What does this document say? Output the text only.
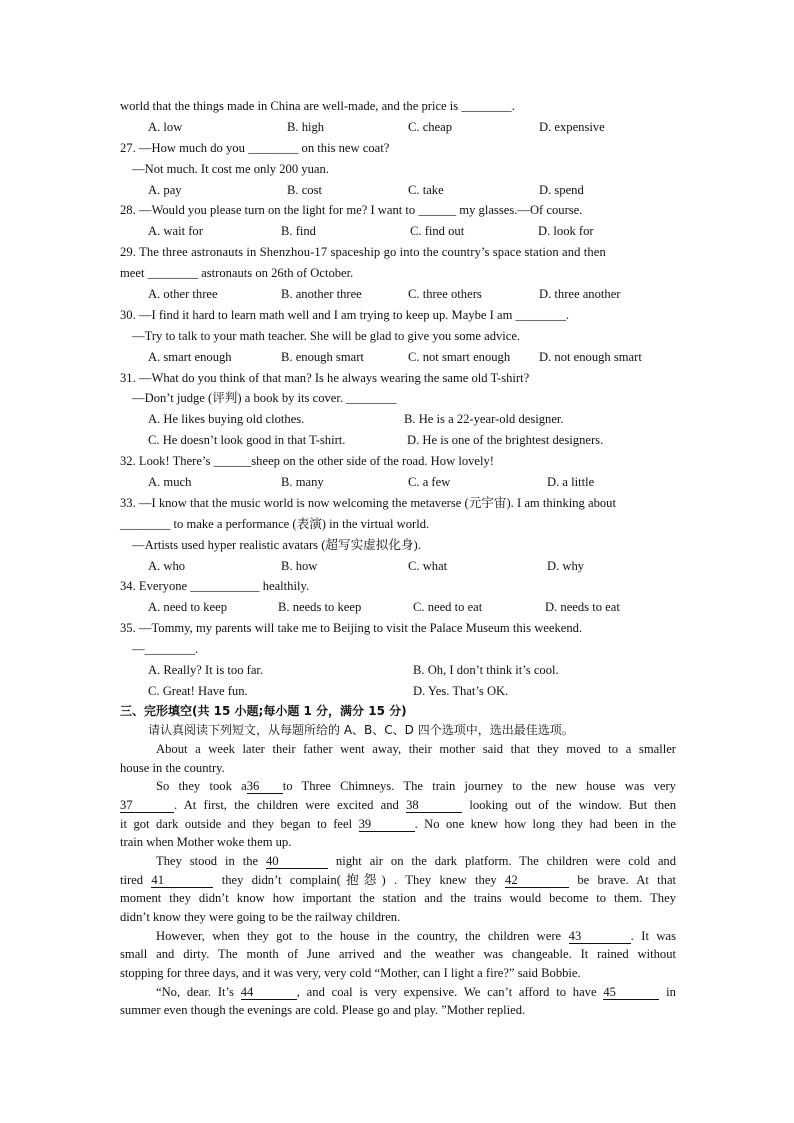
world that the things made in China are well-made, and the price is ________.
A. low	B. high	C. cheap	D. expensive
27. —How much do you ________ on this new coat?
—Not much. It cost me only 200 yuan.
A. pay	B. cost	C. take	D. spend
28. —Would you please turn on the light for me? I want to ______ my glasses.—Of course.
A. wait for	B. find	C. find out	D. look for
29. The three astronauts in Shenzhou-17 spaceship go into the country’s space station and then
meet ________ astronauts on 26th of October.
A. other three	B. another three	C. three others	D. three another
30. —I find it hard to learn math well and I am trying to keep up. Maybe I am ________.
—Try to talk to your math teacher. She will be glad to give you some advice.
A. smart enough	B. enough smart	C. not smart enough D. not enough smart
31. —What do you think of that man? Is he always wearing the same old T-shirt?
—Don’t judge (评判) a book by its cover. ________
A. He likes buying old clothes.	B. He is a 22-year-old designer.
C. He doesn’t look good in that T-shirt.	D. He is one of the brightest designers.
32. Look! There’s ______sheep on the other side of the road. How lovely!
A. much	B. many	C. a few	D. a little
33. —I know that the music world is now welcoming the metaverse (元宇宙). I am thinking about
________ to make a performance (表演) in the virtual world.
—Artists used hyper realistic avatars (超写实虚拟化身).
A. who	B. how	C. what	D. why
34. Everyone ___________ healthily.
A. need to keep	B. needs to keep	C. need to eat	D. needs to eat
35. —Tommy, my parents will take me to Beijing to visit the Palace Museum this weekend.
—________.
A. Really? It is too far.	B. Oh, I don’t think it’s cool.
C. Great! Have fun.	D. Yes. That’s OK.
三、完形填空(共 15 小题;每小题 1 分，满分 15 分)
请认真阅读下列短文，从每题所给的 A、B、C、D 四个选项中，选出最佳选项。
About a week later their father went away, their mother said that they moved to a smaller
house in the country.
So they took a36 to Three Chimneys. The train journey to the new house was very
37	. At first, the children were excited and 38	looking out of the window. But then
it got dark outside and they began to feel 39	. No one knew how long they had been in the
train when Mother woke them up.
They stood in the 40	night air on the dark platform. The children were cold and
tired 41	they didn’t complain(抱怨) . They knew they 42	be brave. At that
moment they didn’t know how important the station and the trains would become to them. They
didn’t know they were going to be the railway children.
However, when they got to the house in the country, the children were 43	. It was
small and dirty. The month of June arrived and the weather was changeable. It rained without
stopping for three days, and it was very, very cold “Mother, can I light a fire?” said Bobbie.
“No, dear. It’s 44	, and coal is very expensive. We can’t afford to have 45	in
summer even though the evenings are cold. Please go and play. ”Mother replied.
